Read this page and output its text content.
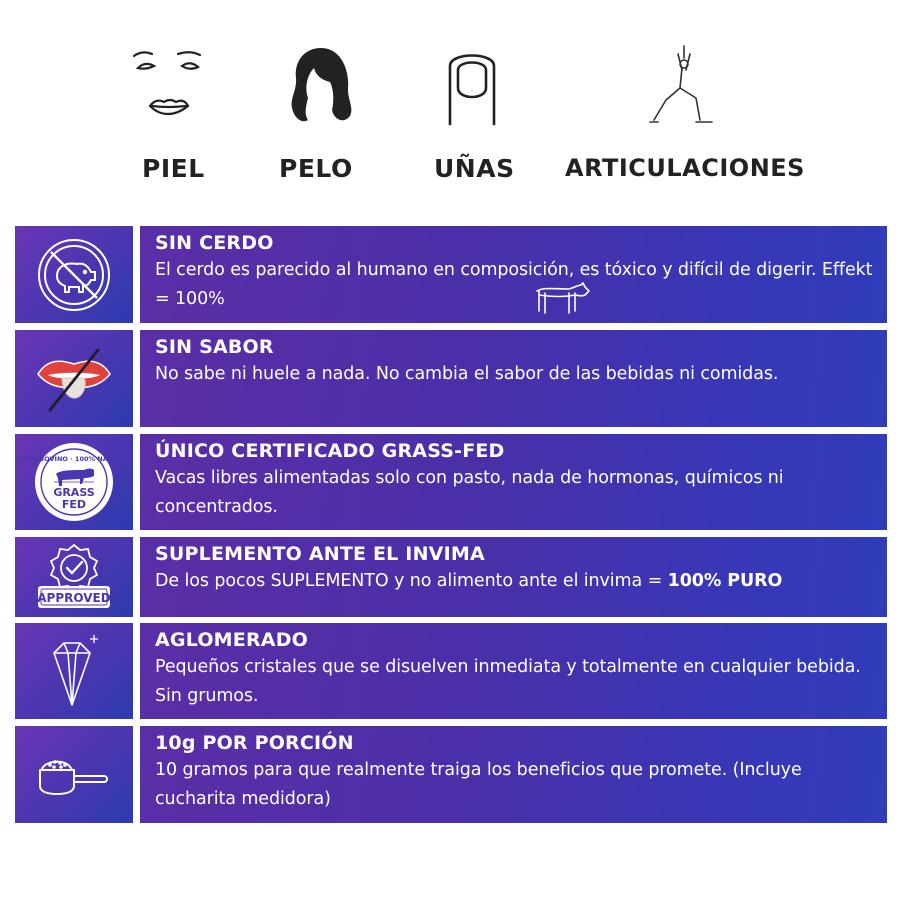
PIEL	PELO	UÑAS ARTICULACIONES
SIN CERDO
El cerdo es parecido al humano en composición, es tóxico y difícil de digerir. Effekt = 100%
SIN SABOR
No sabe ni huele a nada. No cambia el sabor de las bebidas ni comidas.
100% BOVINO · 100% NATURAL
GRASS
FED
ÚNICO CERTIFICADO GRASS-FED
Vacas libres alimentadas solo con pasto, nada de hormonas, químicos ni concentrados.
APPROVED
SUPLEMENTO ANTE EL INVIMA
De los pocos SUPLEMENTO y no alimento ante el invima = 100% PURO
AGLOMERADO
Pequeños cristales que se disuelven inmediata y totalmente en cualquier bebida. Sin grumos.
10g POR PORCIÓN
10 gramos para que realmente traiga los beneficios que promete. (Incluye cucharita medidora)
